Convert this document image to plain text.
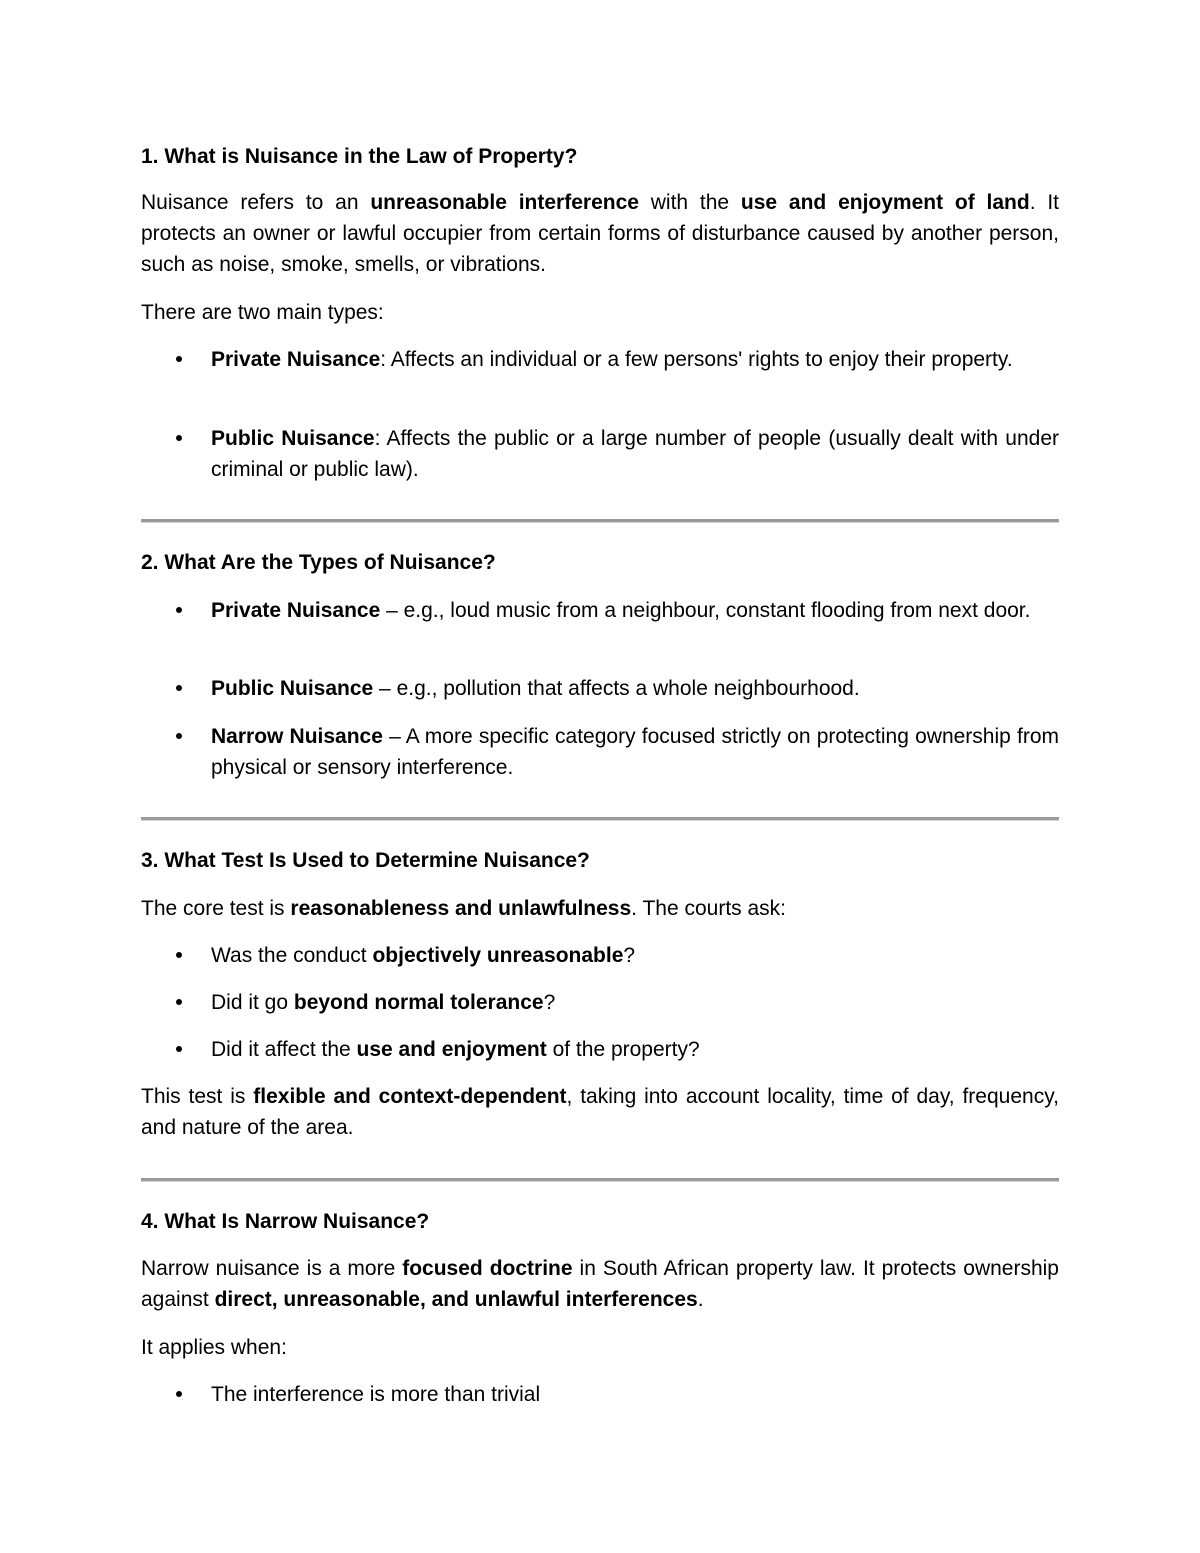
1. What is Nuisance in the Law of Property?
Nuisance refers to an unreasonable interference with the use and enjoyment of land. It protects an owner or lawful occupier from certain forms of disturbance caused by another person, such as noise, smoke, smells, or vibrations.
There are two main types:
Private Nuisance: Affects an individual or a few persons' rights to enjoy their property.
Public Nuisance: Affects the public or a large number of people (usually dealt with under criminal or public law).
2. What Are the Types of Nuisance?
Private Nuisance – e.g., loud music from a neighbour, constant flooding from next door.
Public Nuisance – e.g., pollution that affects a whole neighbourhood.
Narrow Nuisance – A more specific category focused strictly on protecting ownership from physical or sensory interference.
3. What Test Is Used to Determine Nuisance?
The core test is reasonableness and unlawfulness. The courts ask:
Was the conduct objectively unreasonable?
Did it go beyond normal tolerance?
Did it affect the use and enjoyment of the property?
This test is flexible and context-dependent, taking into account locality, time of day, frequency, and nature of the area.
4. What Is Narrow Nuisance?
Narrow nuisance is a more focused doctrine in South African property law. It protects ownership against direct, unreasonable, and unlawful interferences.
It applies when:
The interference is more than trivial
